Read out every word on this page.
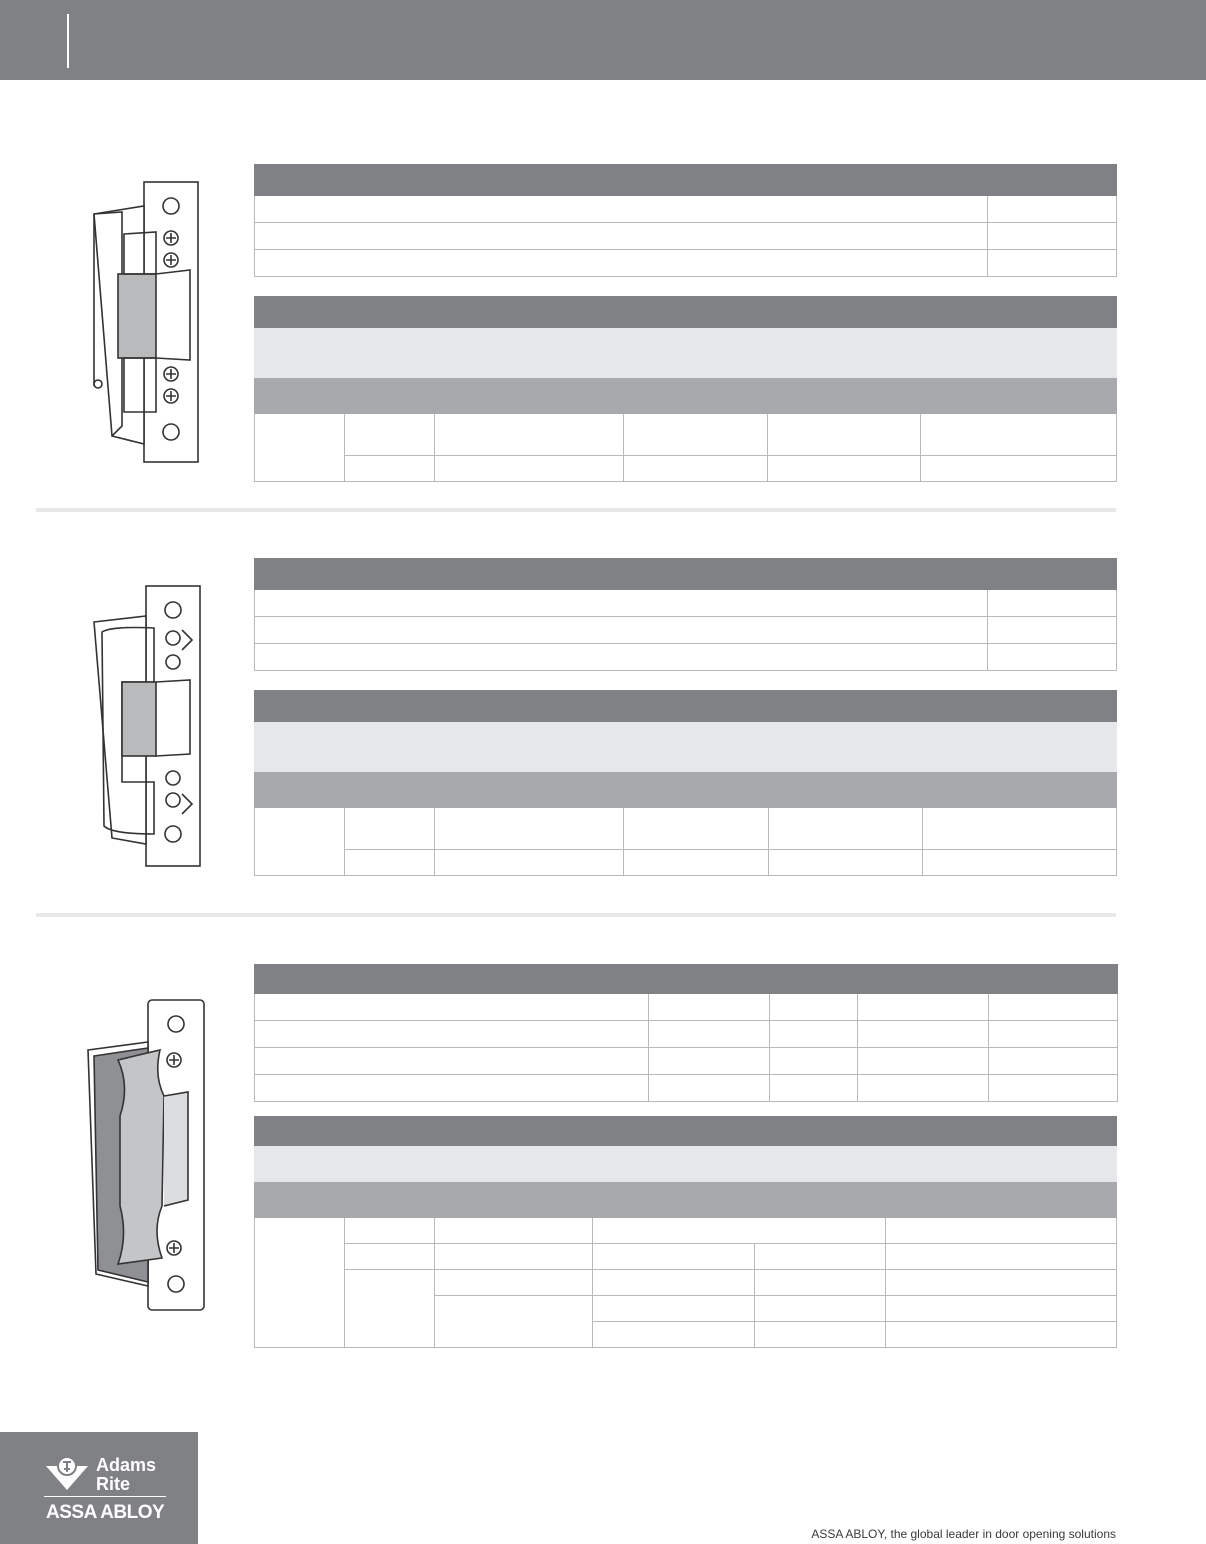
Adams
Rite
ASSA ABLOY
ASSA ABLOY, the global leader in door opening solutions
